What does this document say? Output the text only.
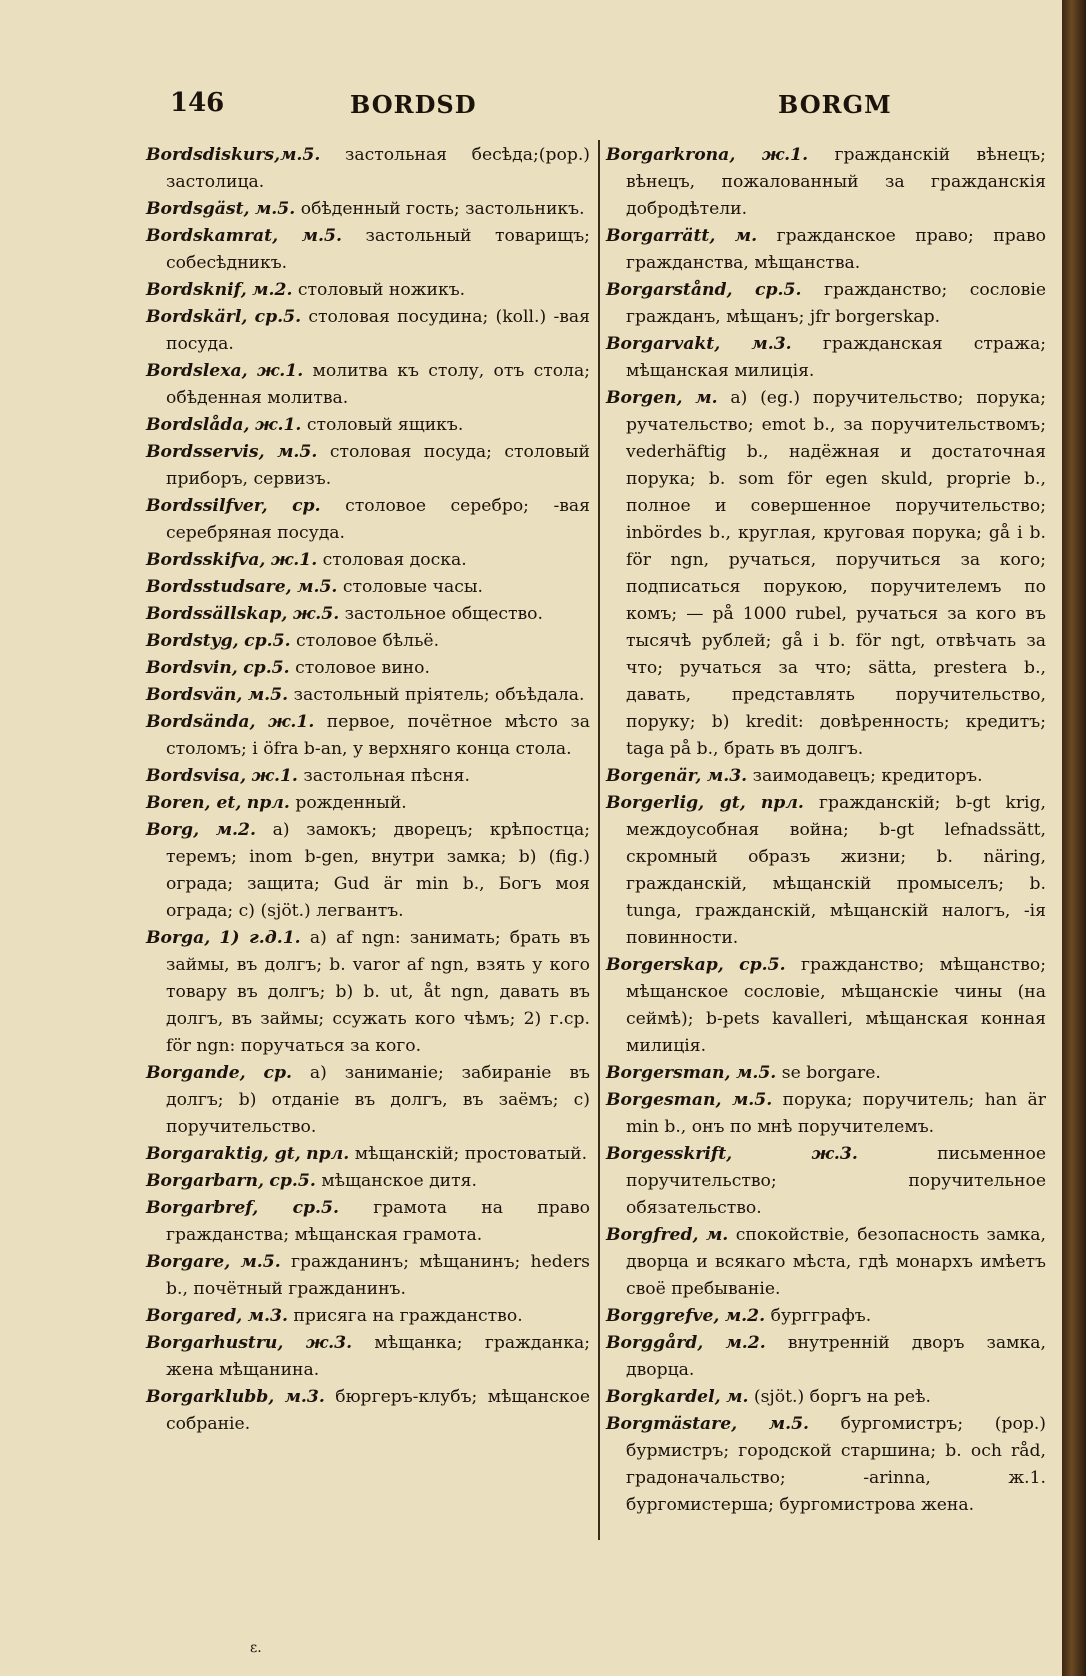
146	BORDSD	BORGM

Bordsdiskurs,м.5. застольная бесѣда;(pop.) застолица.

Bordsgäst, м.5. обѣденный гость; застольникъ.

Bordskamrat, м.5. застольный товарищъ; собесѣдникъ.

Bordsknif, м.2. столовый ножикъ.

Bordskärl, ср.5. столовая посудина; (koll.) -вая посуда.

Bordslexa, ж.1. молитва къ столу, отъ стола; обѣденная молитва.

Bordslåda, ж.1. столовый ящикъ.

Bordsservis, м.5. столовая посуда; столовый приборъ, сервизъ.

Bordssilfver, ср. столовое серебро; -вая серебряная посуда.

Bordsskifva, ж.1. столовая доска.

Bordsstudsare, м.5. столовые часы.

Bordssällskap, ж.5. застольное общество.

Bordstyg, ср.5. столовое бѣльё.

Bordsvin, ср.5. столовое вино.

Bordsvän, м.5. застольный пріятель; объѣдала.

Bordsända, ж.1. первое, почётное мѣсто за столомъ; i öfra b-an, у верхняго конца стола.

Bordsvisa, ж.1. застольная пѣсня.

Boren, et, прл. рожденный.

Borg, м.2. a) замокъ; дворецъ; крѣпостца; теремъ; inom b-gen, внутри замка; b) (fig.) ограда; защита; Gud är min b., Богъ моя ограда; c) (sjöt.) легвантъ.

Borga, 1) г.д.1. a) af ngn: занимать; брать въ займы, въ долгъ; b. varor af ngn, взять у кого товару въ долгъ; b) b. ut, åt ngn, давать въ долгъ, въ займы; ссужать кого чѣмъ; 2) г.ср. för ngn: поручаться за кого.

Borgande, ср. a) заниманіе; забираніе въ долгъ; b) отданіе въ долгъ, въ заёмъ; c) поручительство.

Borgaraktig, gt, прл. мѣщанскій; простоватый.

Borgarbarn, ср.5. мѣщанское дитя.

Borgarbref, ср.5. грамота на право гражданства; мѣщанская грамота.

Borgare, м.5. гражданинъ; мѣщанинъ; heders b., почётный гражданинъ.

Borgared, м.3. присяга на гражданство.

Borgarhustru, ж.3. мѣщанка; гражданка; жена мѣщанина.

Borgarklubb, м.3. бюргеръ-клубъ; мѣщанское собраніе.

Borgarkrona, ж.1. гражданскій вѣнецъ; вѣнецъ, пожалованный за гражданскія добродѣтели.

Borgarrätt, м. гражданское право; право гражданства, мѣщанства.

Borgarstånd, ср.5. гражданство; сословіе граждaнъ, мѣщанъ; jfr borgerskap.

Borgarvakt, м.3. гражданская стража; мѣщанская милиція.

Borgen, м. a) (eg.) поручительство; порука; ручательство; emot b., за поручительствомъ; vederhäftig b., надёжная и достаточная порука; b. som för egen skuld, proprie b., полное и совершенное поручительство; inbördes b., круглая, круговая порука; gå i b. för ngn, ручаться, поручиться за кого; подписаться порукою, поручителемъ по комъ; — på 1000 rubel, ручаться за кого въ тысячѣ рублей; gå i b. för ngt, отвѣчать за что; ручаться за что; sätta, prestera b., давать, представлять поручительство, поруку; b) kredit: довѣренность; кредитъ; taga på b., брать въ долгъ.

Borgenär, м.3. заимодавецъ; кредиторъ.

Borgerlig, gt, прл. гражданскій; b-gt krig, междоусобная война; b-gt lefnadssätt, скромный образъ жизни; b. näring, гражданскій, мѣщанскій промыселъ; b. tunga, гражданскій, мѣщанскій налогъ, -ія повинности.

Borgerskap, ср.5. гражданство; мѣщанство; мѣщанское сословіе, мѣщанскіе чины (на сеймѣ); b-pets kavalleri, мѣщанская конная милиція.

Borgersman, м.5. se borgare.

Borgesman, м.5. порука; поручитель; han är min b., онъ по мнѣ поручителемъ.

Borgesskrift,	ж.3.	письменное поручительство; поручительное обязательство.

Borgfred, м. спокойствіе, безопасность замка, дворца и всякаго мѣста, гдѣ монархъ имѣетъ своё пребываніе.

Borggrefve, м.2. бургграфъ.

Borggård, м.2. внутренній дворъ замка, дворца.

Borgkardel, м. (sjöt.) боргъ на реѣ.

Borgmästare, м.5. бургомистръ; (pop.) бурмистръ; городской старшина; b. och råd, градоначальство; -arinna, ж.1. бургомистерша; бургомистрова жена.

ε.
